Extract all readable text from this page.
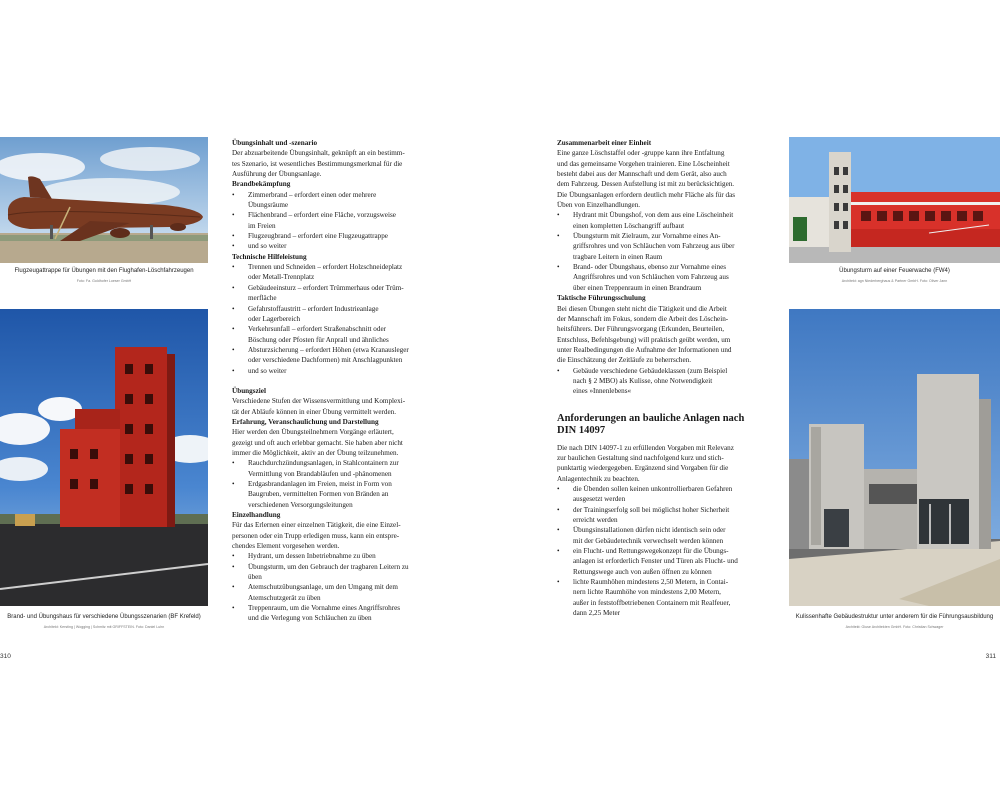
Flugzeugattrappe für Übungen mit den Flughafen-Löschfahrzeugen
Foto: Fa. Goldhofer Loeser GmbH
Brand- und Übungshaus für verschiedene Übungsszenarien (BF Krefeld)
Architekt: Kersting | Wogging | Schmitz mit GRIFFSTEIN. Foto: Daniel Luhn
310
Übungsinhalt und -szenario

Der abzuarbeitende Übungsinhalt, geknüpft an ein bestimm-
tes Szenario, ist wesentliches Bestimmungsmerkmal für die
Ausführung der Übungsanlage.

Brandbekämpfung
• Zimmerbrand – erfordert einen oder mehrere
Übungsräume
• Flächenbrand – erfordert eine Fläche, vorzugsweise
im Freien
• Flugzeugbrand – erfordert eine Flugzeugattrappe
• und so weiter
Technische Hilfeleistung
• Trennen und Schneiden – erfordert Holzschneideplatz
oder Metall-Trennplatz
• Gebäudeeinsturz – erfordert Trümmerhaus oder Trüm-
merfläche
• Gefahrstoffaustritt – erfordert Industrieanlage
oder Lagerbereich
• Verkehrsunfall – erfordert Straßenabschnitt oder
Böschung oder Pfosten für Anprall und ähnliches
• Absturzsicherung – erfordert Höhen (etwa Kranausleger
oder verschiedene Dachformen) mit Anschlagpunkten
• und so weiter
Übungsziel

Verschiedene Stufen der Wissensvermittlung und Komplexi-
tät der Abläufe können in einer Übung vermittelt werden.

Erfahrung, Veranschaulichung und Darstellung

Hier werden den Übungsteilnehmern Vorgänge erläutert,
gezeigt und oft auch erlebbar gemacht. Sie haben aber nicht
immer die Möglichkeit, aktiv an der Übung teilzunehmen.

• Rauchdurchzündungsanlagen, in Stahlcontainern zur
Vermittlung von Brandabläufen und -phänomenen
• Erdgasbrandanlagen im Freien, meist in Form von
Baugruben, vermittelten Formen von Bränden an
verschiedenen Versorgungsleitungen
Einzelhandlung

Für das Erlernen einer einzelnen Tätigkeit, die eine Einzel-
personen oder ein Trupp erledigen muss, kann ein entspre-
chendes Element vorgesehen werden.

• Hydrant, um dessen Inbetriebnahme zu üben
• Übungsturm, um den Gebrauch der tragbaren Leitern zu
üben
• Atemschutzübungsanlage, um den Umgang mit dem
Atemschutzgerät zu üben
• Treppenraum, um die Vornahme eines Angriffsrohres
und die Verlegung von Schläuchen zu üben
Zusammenarbeit einer Einheit

Eine ganze Löschstaffel oder -gruppe kann ihre Entfaltung
und das gemeinsame Vorgehen trainieren. Eine Löscheinheit
besteht dabei aus der Mannschaft und dem Gerät, also auch
dem Fahrzeug. Dessen Aufstellung ist mit zu berücksichtigen.
Die Übungsanlagen erfordern deutlich mehr Fläche als für das
Üben von Einzelhandlungen.

• Hydrant mit Übungshof, von dem aus eine Löscheinheit
einen kompletten Löschangriff aufbaut
• Übungsturm mit Zielraum, zur Vornahme eines An-
griffsrohres und von Schläuchen vom Fahrzeug aus über
tragbare Leitern in einen Raum
• Brand- oder Übungshaus, ebenso zur Vornahme eines
Angriffsrohres und von Schläuchen vom Fahrzeug aus
über einen Treppenraum in einen Brandraum
Taktische Führungsschulung

Bei diesen Übungen steht nicht die Tätigkeit und die Arbeit
der Mannschaft im Fokus, sondern die Arbeit des Löschein-
heitsführers. Der Führungsvorgang (Erkunden, Beurteilen,
Entschluss, Befehlsgebung) will praktisch geübt werden, um
unter Realbedingungen die Aufnahme der Informationen und
die Einschätzung der Zeitläufe zu beherrschen.

• Gebäude verschiedene Gebäudeklassen (zum Beispiel
nach § 2 MBO) als Kulisse, ohne Notwendigkeit
eines »Innenlebens«
Anforderungen an bauliche Anlagen nach
DIN 14097

Die nach DIN 14097-1 zu erfüllenden Vorgaben mit Relevanz
zur baulichen Gestaltung sind nachfolgend kurz und stich-
punktartig wiedergegeben. Ergänzend sind Vorgaben für die
Anlagentechnik zu beachten.

• die Übenden sollen keinen unkontrollierbaren Gefahren
ausgesetzt werden
• der Trainingserfolg soll bei möglichst hoher Sicherheit
erreicht werden
• Übungsinstallationen dürfen nicht identisch sein oder
mit der Gebäudetechnik verwechselt werden können
• ein Flucht- und Rettungswegekonzept für die Übungs-
anlagen ist erforderlich Fenster und Türen als Flucht- und
Rettungswege auch von außen öffnen zu können
• lichte Raumhöhen mindestens 2,50 Metern, in Contai-
nern lichte Raumhöhe von mindestens 2,00 Metern,
außer in feststoffbetriebenen Containern mit Realfeuer,
dann 2,25 Meter
Übungsturm auf einer Feuerwache (FW4)
Architekt: agn Niederberghaus & Partner GmbH. Foto: Oliver Jann
Kulissenhafte Gebäudestruktur unter anderem für die Führungsausbildung
Architekt: Giuse Architekten GmbH. Foto: Christian Schwager
311
